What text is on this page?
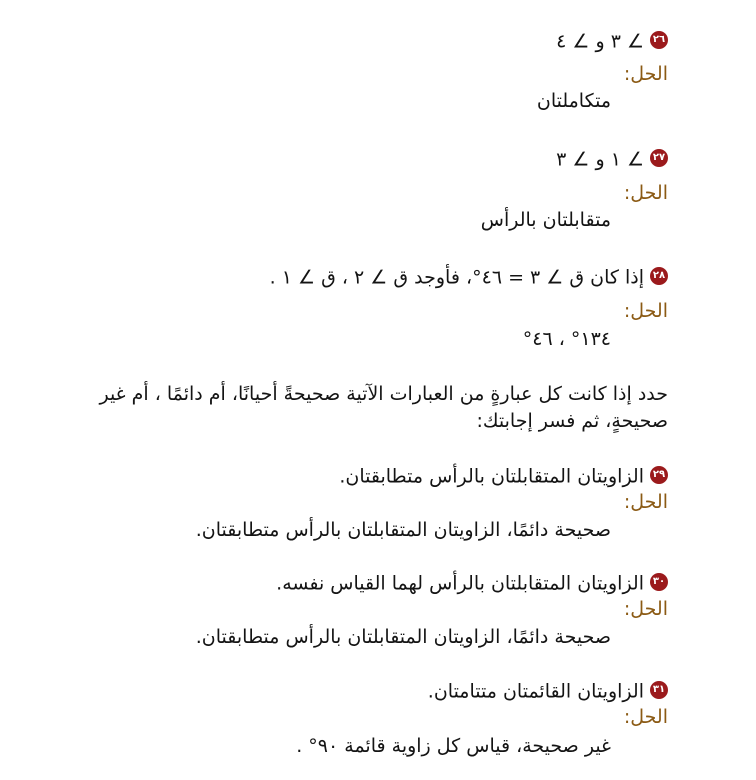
٢٦∠ ٣ و ∠ ٤
الحل:
متكاملتان
٢٧∠ ١ و ∠ ٣
الحل:
متقابلتان بالرأس
٢٨إذا كان ق ∠ ٣ = ٤٦°، فأوجد ق ∠ ٢ ، ق ∠ ١ .
الحل:
١٣٤° ، ٤٦°
حدد إذا كانت كل عبارةٍ من العبارات الآتية صحيحةً أحيانًا، أم دائمًا ، أم غير صحيحةٍ، ثم فسر إجابتك:
٢٩الزاويتان المتقابلتان بالرأس متطابقتان.
الحل:
صحيحة دائمًا، الزاويتان المتقابلتان بالرأس متطابقتان.
٣٠الزاويتان المتقابلتان بالرأس لهما القياس نفسه.
الحل:
صحيحة دائمًا، الزاويتان المتقابلتان بالرأس متطابقتان.
٣١الزاويتان القائمتان متتامتان.
الحل:
غير صحيحة، قياس كل زاوية قائمة ٩٠° .
